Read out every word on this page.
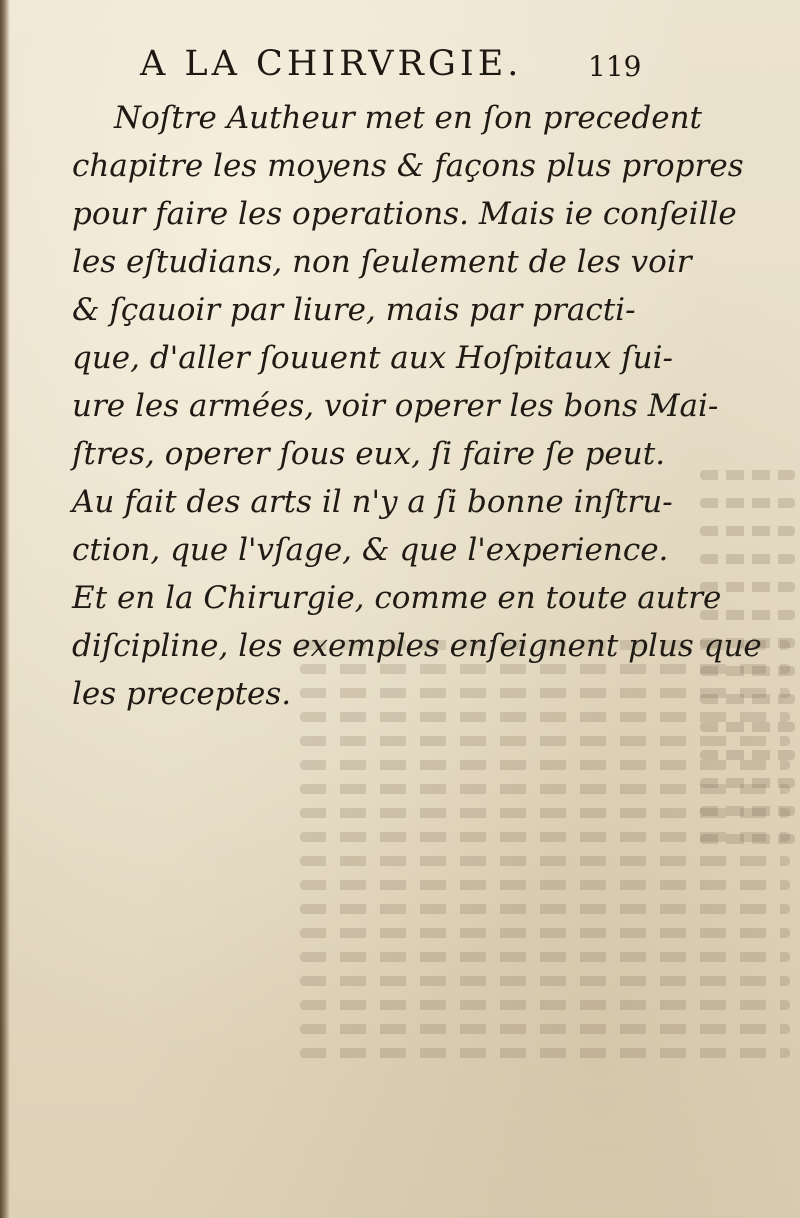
A LA CHIRVRGIE. 119
Noſtre Autheur met en ſon precedent
chapitre les moyens & façons plus propres
pour faire les operations. Mais ie conſeille
les eſtudians, non ſeulement de les voir
& ſçauoir par liure, mais par practi-
que, d'aller ſouuent aux Hoſpitaux ſui-
ure les armées, voir operer les bons Mai-
ſtres, operer ſous eux, ſi faire ſe peut.
Au fait des arts il n'y a ſi bonne inſtru-
ction, que l'vſage, & que l'experience.
Et en la Chirurgie, comme en toute autre
diſcipline, les exemples enſeignent plus que
les preceptes.
